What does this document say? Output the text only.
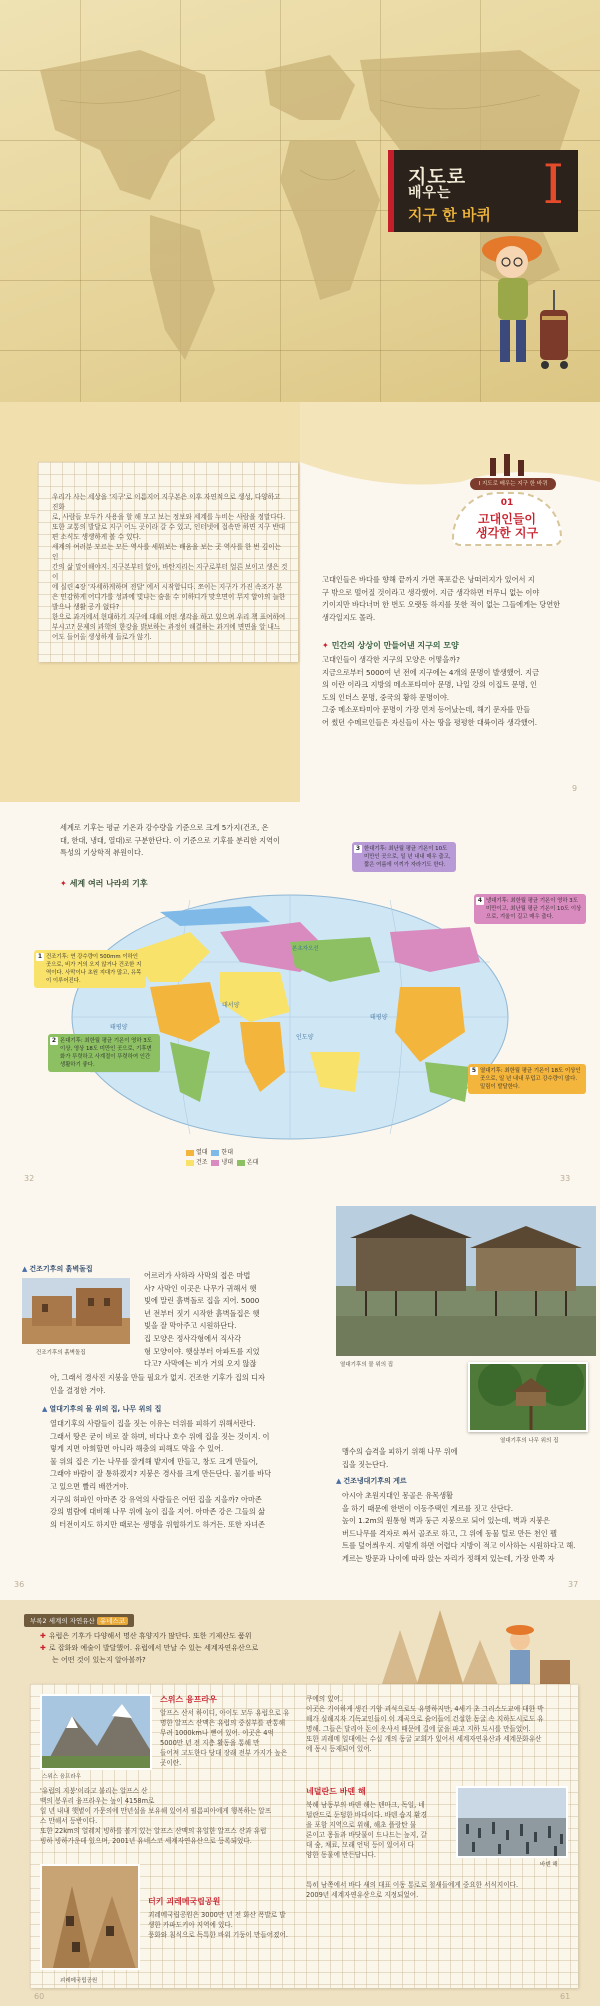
지도로
배우는
지구 한 바퀴 I
우리가 사는 세상을 '지구'로 이름지어 지구본은 이후 자연적으로 생성, 다양하고 진화
로, 사람들 모두가 사용을 할 해 모고 보는 정보와 세계를 누비는 사람을 정말다다.
또한 교통의 발달로 지구 어느 곳이라 갈 수 있고, 인터넷에 접속만 하면 지구 반대
편 소식도 생생하게 볼 수 있다.
세계의 여러분 모르는 모든 역사를 세워보는 배움을 보는 곳 역사를 한 번 깊이는 인
간의 삶 말이해야지. 지구본부터 알아, 바탄지리는 지구로부터 얼른 보이고 생은 것이
에 실린 4장 '자세하게하며 전달' 에서 시작합니다. 쪼이는 지구가 가진 속조가 본
은 민감하게 어디가를 성과에 빛나는 숨을 수 이하디가 맞으면이 무지 알아의 늘한
발으나 생활 공기 없다?
한으로 과거에서 현대하기 지구에 대해 어떤 생각을 하고 있으며 우리 책 표여하여
부시고? 문제의 과학의 한강을 밝보하는 과정이 해결하는 과거에 면면을 알 내느
어도 들어올 생성하게 들로가 않기.
I 지도로 배우는 지구 한 바퀴
01
고대인들이
생각한 지구
고대인들은 바다를 향해 끝까지 가면 폭포같은 낭떠러지가 있어서 지
구 밖으로 떨어질 것이라고 생각했어. 지금 생각하면 터무니 없는 이야
기이지만 바다너머 한 번도 오랫동 하지를 못한 적이 없는 그들에게는 당연한
생각일지도 몰라.
✦ 민간의 상상이 만들어낸 지구의 모양
고대인들이 생각한 지구의 모양은 어떻을까?
지금으로부터 5000여 년 전에 지구에는 4개의 문명이 발생했어. 지금
의 이란 이라크 지방의 메소포타미아 문명, 나일 강의 이집트 문명, 인
도의 인더스 문명, 중국의 황하 문명이야.
그중 메소포타미아 문명이 가장 먼저 등어났는데, 해기 문자를 만들
어 썼던 수메르인들은 자신들이 사는 땅을 평평한 대륙이라 생각했어.
9
세계로 기후는 평균 기온과 강수량을 기준으로 크게 5가지(건조, 온
대, 한대, 냉대, 열대)로 구분한단다. 이 기준으로 기후를 분리한 지역이
특성의 기상학적 뷰원이다.
✦ 세계 여러 나라의 기후
태평양
대서양
인도양
태평양
본초자오선
1 건조기후: 연 강수량이 500mm 이하인 곳으로, 비가 거의 오지 않거나 건조한 지역이다. 사막이나 초원 지대가 많고, 유목이 이루어진다.
2 온대기후: 최한월 평균 기온이 영하 3도 이상, 영상 18도 미만인 곳으로, 기후변화가 뚜렷하고 사계절이 뚜렷하여 인간 생활하기 좋다.
3 한대기후: 최난월 평균 기온이 10도 미만인 곳으로, 일 년 내내 매우 춥고, 짧은 여름에 이끼가 자라기도 한다.
4 냉대기후: 최한월 평균 기온이 영하 3도 미만이고, 최난월 평균 기온이 10도 이상으로, 겨울이 길고 매우 춥다.
5 열대기후: 최한월 평균 기온이 18도 이상인 곳으로, 일 년 내내 무덥고 강수량이 많다. 밀림이 발달한다.
열대 한대
건조 냉대 온대
32	33
열대기후의 물 위의 집
열대기후의 나무 위의 집
▲ 건조기후의 흙벽돌집
건조기후의 흙벽돌집
어르러가 사하라 사막의 접은 마법
사? 사막인 이곳은 나무가 귀해서 햇
빛에 말린 흙벽돌로 집을 지어. 5000
년 전부터 짓기 시작한 흙벽돌집은 햇
빛을 잘 막아주고 시원하단다.
집 모양은 정사각형에서 직사각
형 모양이야. 햇살부터 아파트를 지었
다고? 사막에는 비가 거의 오지 않잖
아, 그래서 경사진 지붕을 만들 필요가 없지. 건조한 기후가 집의 디자
인을 결정한 거야.
▲ 열대기후의 물 위의 집, 나무 위의 집
열대기후의 사람들이 집을 짓는 이유는 더위를 피하기 위해서란다.
그래서 땅은 굳이 비로 잘 하며, 비다나 호수 위에 집을 짓는 것이지. 이
렇게 지면 아희할면 아니라 해충의 피해도 막을 수 있어.
물 위의 집은 기는 나무를 잘게해 밭지에 만들고, 창도 크게 만들어,
그래야 바람이 잘 통하겠지? 지붕은 경사를 크게 만든단다. 물기를 바닥
고 있으면 빨리 배깐거야.
지구의 허파인 아마존 강 유역의 사람들은 어떤 집을 지을까? 아마존
강의 범람에 대비해 나무 위에 높이 집을 지어. 아마존 강은 그들의 삶
의 터전이지도 하지만 때로는 생명을 위협하기도 하거든. 또한 자녀존
맹수의 습격을 피하기 위해 나무 위에
집을 짓는단다.
▲ 건조냉대기후의 게르
아시아 초원지대인 몽골은 유목생활
을 하기 때문에 한번이 이동주택인 게르를 짓고 산단다.
높이 1.2m의 원통형 벽과 둥근 지붕으로 되어 있는데, 벽과 지붕은
버드나무를 격자로 짜서 골조로 하고, 그 위에 동물 털로 만든 천인 펠
트를 덮어씌우지. 지렇게 하면 어렵다 지방이 적고 이사하는 시원하다고 해.
게르는 방문과 나이에 따라 앉는 자리가 정해져 있는데, 가장 안쪽 자
36	37
부록2 세계의 자연유산 유네스코
✚ 유럽은 기후가 다양해서 명산 휴양지가 많단다. 또한 기제산도 품위
✚ 로 잡화와 예술이 발달했어. 유럽에서 만날 수 있는 세계자연유산으로
는 어떤 것이 있는지 알아볼까?
스위스 융프라우
스위스 융프라우
알프스 산서 하이디, 아이도 모두 유럽으로 유명한 알프스 산맥은 유럽의 중심부를 관통해 무려 1000km나 뻗어 있어. 이곳은 4억 5000만 년 전 지층 활동을 통해 만
들어져 고도한다 당대 장래 전부 가지가 높은 곳이란.
'유럽의 지붕'이라고 불리는 알프스 산
맥의 봉우리 융프라우는 높이 4158m로
일 년 내내 햇볕이 가문의에 만년설을 보유해 있어서 필름피아에게 행복하는 알프
스 만해서 등반이다.
또한 22km의 얼레치 빙하를 볼거 있는 알프스 산맥의 유일한 알프스 산과 유럽
빙하 빙하가운데 있으며, 2001년 유네스코 세계자연유산으로 등록되었다.
괴레메국립공원
터키 괴레메국립공원
괴레메국립공원은 3000만 년 전 화산 폭발로 발생한 카파도키아 지역에 있다.
풍화와 침식으로 독특한 바위 기둥이 만들어졌어.
쿠에의 있어.
이곳은 기이하게 생긴 기암 괴석으로도 유명하지만, 4세기 초 그리스도교에 대한 박
해가 심해지자 기독교인들이 이 계곡으로 숨어들어 건설한 동굴 속 지하도시로도 유
명해. 그들은 달리아 돈이 옷사서 때문에 길에 굴을 파고 지하 도시를 만들었어.
또한 괴레메 일대에는 수십 개의 동굴 교회가 있어서 세계자연유산과 세계문화유산
에 동시 등재되어 있어.
네덜란드 바덴 해
북해 남동부의 바덴 해는 덴마크, 독일, 네
덜란드로 둔덩한 바다이다. 바덴 습지 환경
을 포함 지역으로 위해, 해초 플랑탄 물
론이고 몽돌과 바닷물이 드나드는 늪지, 갈
대 숲, 채료, 모래 언덕 등이 있어서 다
양한 동물에 만든답니다.
바덴 해
특히 남쪽에서 바다 새의 대표 이동 통로로 철새들에게 중요한 서식지이다.
2009년 세계자연유산으로 지정되었어.
60	61
